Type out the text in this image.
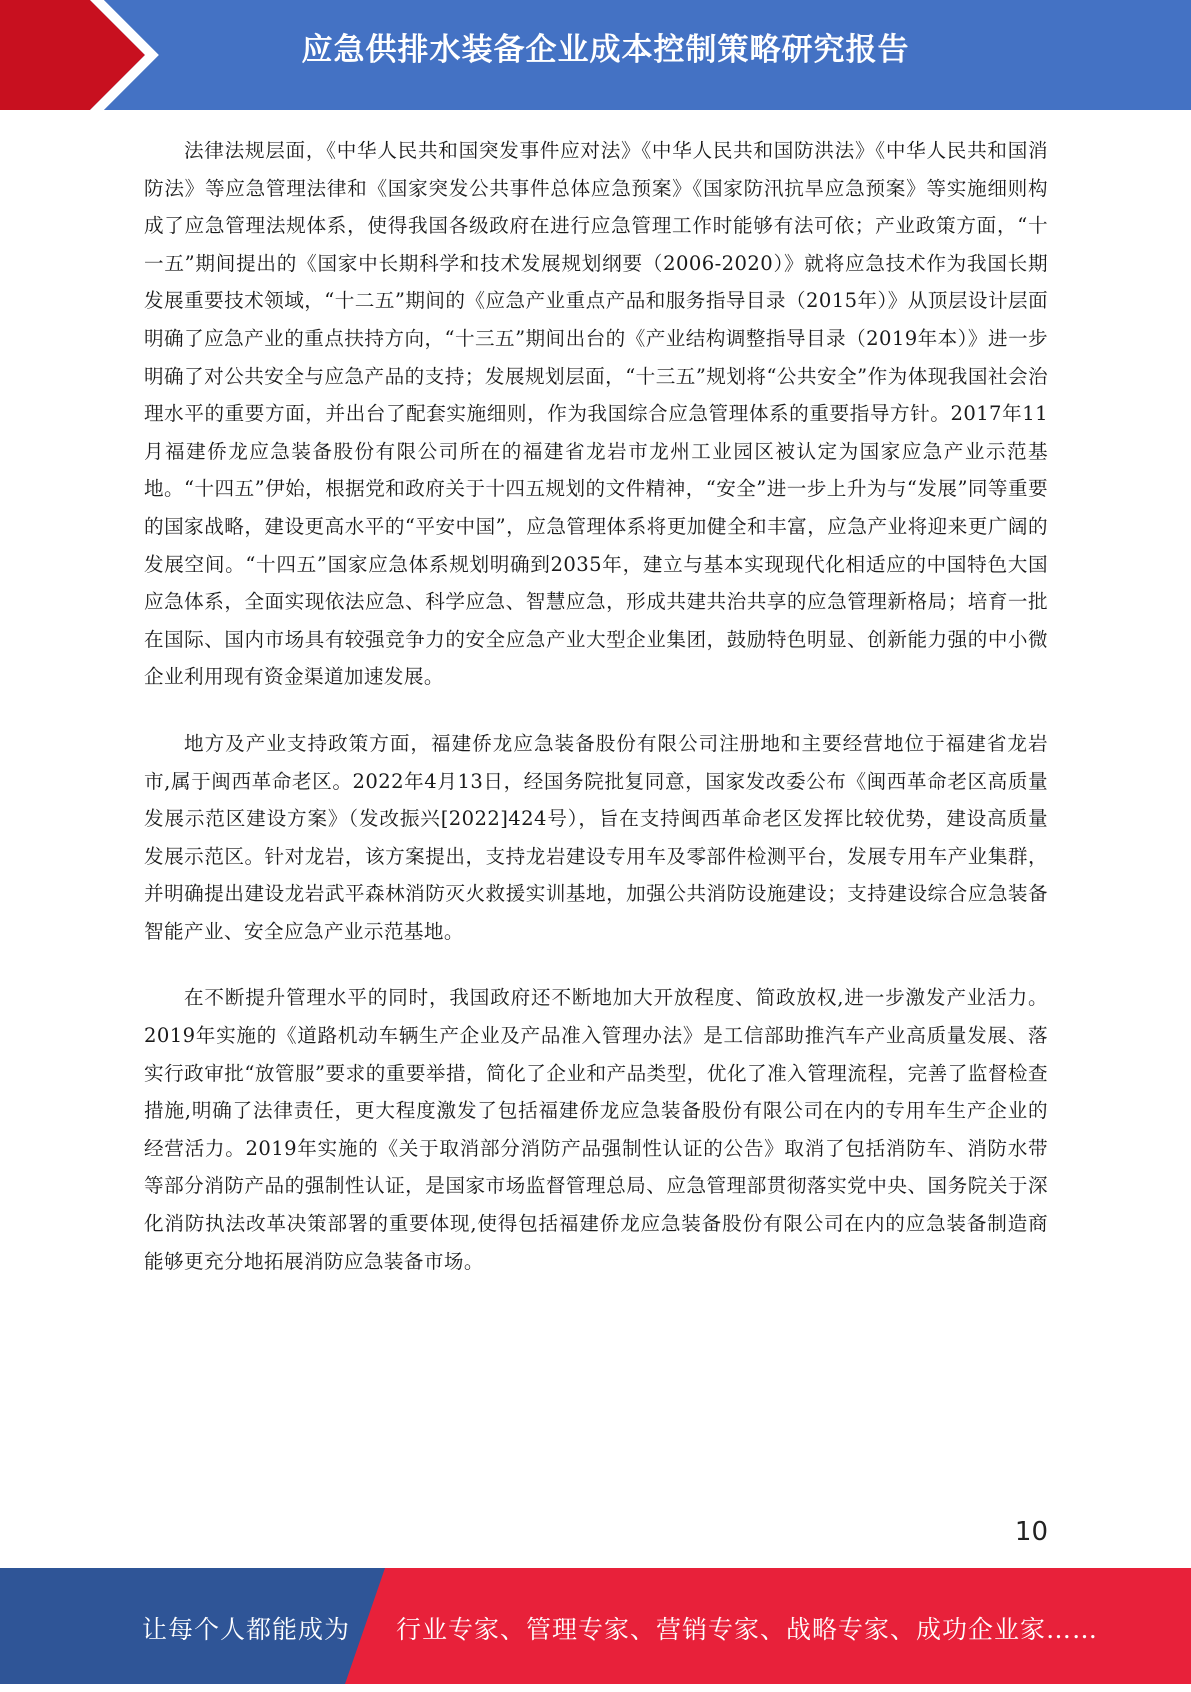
应急供排水装备企业成本控制策略研究报告

法律法规层面，《中华人民共和国突发事件应对法》《中华人民共和国防洪法》《中华人民共和国消防法》等应急管理法律和《国家突发公共事件总体应急预案》《国家防汛抗旱应急预案》等实施细则构成了应急管理法规体系，使得我国各级政府在进行应急管理工作时能够有法可依；产业政策方面，“十一五”期间提出的《国家中长期科学和技术发展规划纲要（2006-2020）》就将应急技术作为我国长期发展重要技术领域，“十二五”期间的《应急产业重点产品和服务指导目录（2015年）》从顶层设计层面明确了应急产业的重点扶持方向，“十三五”期间出台的《产业结构调整指导目录（2019年本）》进一步明确了对公共安全与应急产品的支持；发展规划层面，“十三五”规划将“公共安全”作为体现我国社会治理水平的重要方面，并出台了配套实施细则，作为我国综合应急管理体系的重要指导方针。2017年11月福建侨龙应急装备股份有限公司所在的福建省龙岩市龙州工业园区被认定为国家应急产业示范基地。“十四五”伊始，根据党和政府关于十四五规划的文件精神，“安全”进一步上升为与“发展”同等重要的国家战略，建设更高水平的“平安中国”，应急管理体系将更加健全和丰富，应急产业将迎来更广阔的发展空间。“十四五”国家应急体系规划明确到2035年，建立与基本实现现代化相适应的中国特色大国应急体系，全面实现依法应急、科学应急、智慧应急，形成共建共治共享的应急管理新格局；培育一批在国际、国内市场具有较强竞争力的安全应急产业大型企业集团，鼓励特色明显、创新能力强的中小微企业利用现有资金渠道加速发展。

地方及产业支持政策方面，福建侨龙应急装备股份有限公司注册地和主要经营地位于福建省龙岩市,属于闽西革命老区。2022年4月13日，经国务院批复同意，国家发改委公布《闽西革命老区高质量发展示范区建设方案》（发改振兴[2022]424号），旨在支持闽西革命老区发挥比较优势，建设高质量发展示范区。针对龙岩，该方案提出，支持龙岩建设专用车及零部件检测平台，发展专用车产业集群，并明确提出建设龙岩武平森林消防灭火救援实训基地，加强公共消防设施建设；支持建设综合应急装备智能产业、安全应急产业示范基地。

在不断提升管理水平的同时，我国政府还不断地加大开放程度、简政放权,进一步激发产业活力。2019年实施的《道路机动车辆生产企业及产品准入管理办法》是工信部助推汽车产业高质量发展、落实行政审批“放管服”要求的重要举措，简化了企业和产品类型，优化了准入管理流程，完善了监督检查措施,明确了法律责任，更大程度激发了包括福建侨龙应急装备股份有限公司在内的专用车生产企业的经营活力。2019年实施的《关于取消部分消防产品强制性认证的公告》取消了包括消防车、消防水带等部分消防产品的强制性认证，是国家市场监督管理总局、应急管理部贯彻落实党中央、国务院关于深化消防执法改革决策部署的重要体现,使得包括福建侨龙应急装备股份有限公司在内的应急装备制造商能够更充分地拓展消防应急装备市场。

10
让每个人都能成为 行业专家、管理专家、营销专家、战略专家、成功企业家……
